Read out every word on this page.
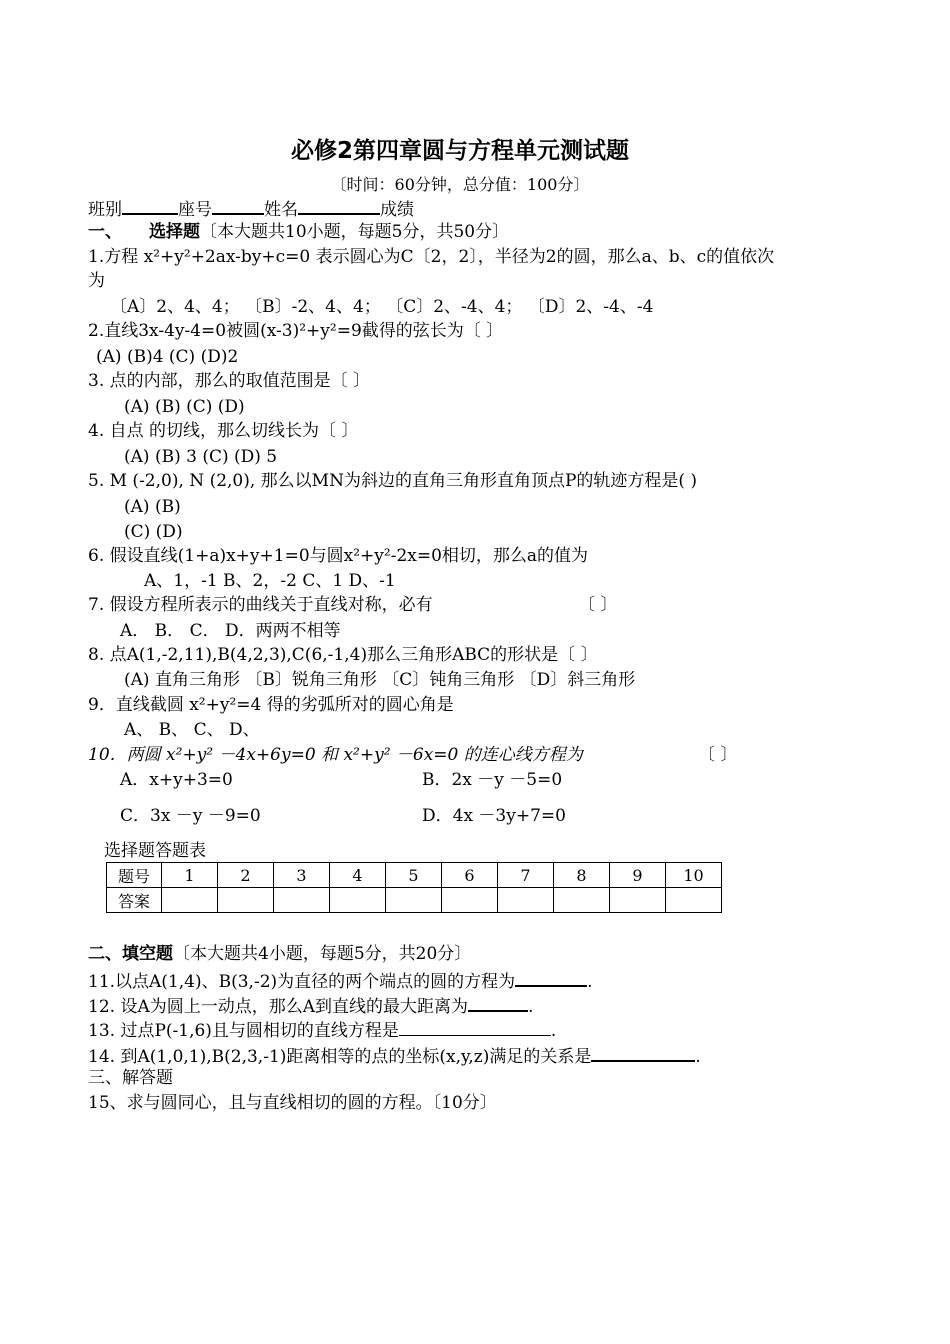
必修2第四章圆与方程单元测试题
〔时间：60分钟，总分值：100分〕
班别	座号	姓名	成绩
一、 选择题〔本大题共10小题，每题5分，共50分〕
1.方程 x²+y²+2ax-by+c=0 表示圆心为C〔2，2〕，半径为2的圆，那么a、b、c的值依次
为
〔A〕2、4、4； 〔B〕-2、4、4； 〔C〕2、-4、4； 〔D〕2、-4、-4
2.直线3x-4y-4=0被圆(x-3)²+y²=9截得的弦长为〔 〕
(A) (B)4 (C) (D)2
3. 点的内部，那么的取值范围是〔 〕
(A) (B) (C) (D)
4. 自点 的切线，那么切线长为〔 〕
(A) (B) 3 (C) (D) 5
5. M (-2,0), N (2,0), 那么以MN为斜边的直角三角形直角顶点P的轨迹方程是( )
(A) (B)
(C) (D)
6. 假设直线(1+a)x+y+1=0与圆x²+y²-2x=0相切，那么a的值为
A、1，-1 B、2，-2 C、1 D、-1
7. 假设方程所表示的曲线关于直线对称，必有	〔 〕
A． B． C． D．两两不相等
8. 点A(1,-2,11),B(4,2,3),C(6,-1,4)那么三角形ABC的形状是〔 〕
(A) 直角三角形 〔B〕锐角三角形 〔C〕钝角三角形 〔D〕斜三角形
9．直线截圆 x²+y²=4 得的劣弧所对的圆心角是
A、 B、 C、 D、
10．两圆 x²+y² －4x+6y=0 和 x²+y² －6x=0 的连心线方程为	〔 〕
A．x+y+3=0	B．2x －y －5=0
C．3x －y －9=0	D．4x －3y+7=0
选择题答题表
题号	1	2	3	4	5	6	7	8	9	10
答案										
二、填空题〔本大题共4小题，每题5分，共20分〕
11.以点A(1,4)、B(3,-2)为直径的两个端点的圆的方程为	.
12. 设A为圆上一动点，那么A到直线的最大距离为	.
13. 过点P(-1,6)且与圆相切的直线方程是	.
14. 到A(1,0,1),B(2,3,-1)距离相等的点的坐标(x,y,z)满足的关系是	.
三、解答题
15、求与圆同心，且与直线相切的圆的方程。〔10分〕
